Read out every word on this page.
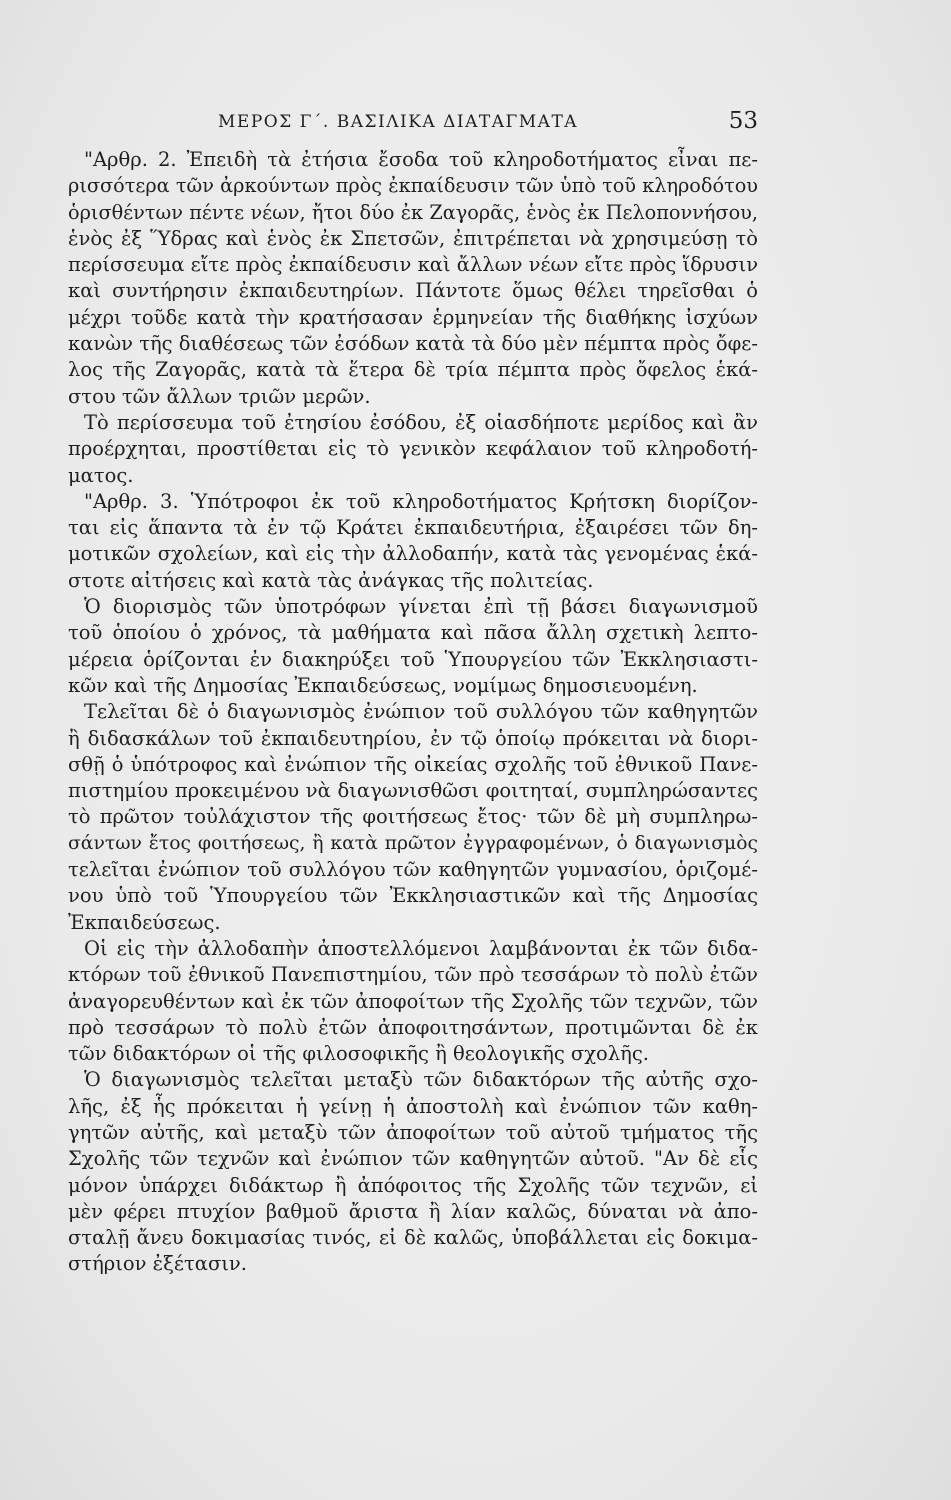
ΜΕΡΟΣ Γ΄. ΒΑΣΙΛΙΚΑ ΔΙΑΤΑΓΜΑΤΑ	53
"Αρθρ. 2. Ἐπειδὴ τὰ ἐτήσια ἔσοδα τοῦ κληροδοτήματος εἶναι πε-
ρισσότερα τῶν ἀρκούντων πρὸς ἐκπαίδευσιν τῶν ὑπὸ τοῦ κληροδότου
ὁρισθέντων πέντε νέων, ἤτοι δύο ἐκ Ζαγορᾶς, ἑνὸς ἐκ Πελοποννήσου,
ἑνὸς ἐξ Ὕδρας καὶ ἑνὸς ἐκ Σπετσῶν, ἐπιτρέπεται νὰ χρησιμεύσῃ τὸ
περίσσευμα εἴτε πρὸς ἐκπαίδευσιν καὶ ἄλλων νέων εἴτε πρὸς ἵδρυσιν
καὶ συντήρησιν ἐκπαιδευτηρίων. Πάντοτε ὅμως θέλει τηρεῖσθαι ὁ
μέχρι τοῦδε κατὰ τὴν κρατήσασαν ἑρμηνείαν τῆς διαθήκης ἰσχύων
κανὼν τῆς διαθέσεως τῶν ἐσόδων κατὰ τὰ δύο μὲν πέμπτα πρὸς ὄφε-
λος τῆς Ζαγορᾶς, κατὰ τὰ ἕτερα δὲ τρία πέμπτα πρὸς ὄφελος ἑκά-
στου τῶν ἄλλων τριῶν μερῶν.
Τὸ περίσσευμα τοῦ ἐτησίου ἐσόδου, ἐξ οἱασδήποτε μερίδος καὶ ἂν
προέρχηται, προστίθεται εἰς τὸ γενικὸν κεφάλαιον τοῦ κληροδοτή-
ματος.
"Αρθρ. 3. Ὑπότροφοι ἐκ τοῦ κληροδοτήματος Κρήτσκη διορίζον-
ται εἰς ἅπαντα τὰ ἐν τῷ Κράτει ἐκπαιδευτήρια, ἐξαιρέσει τῶν δη-
μοτικῶν σχολείων, καὶ εἰς τὴν ἀλλοδαπήν, κατὰ τὰς γενομένας ἑκά-
στοτε αἰτήσεις καὶ κατὰ τὰς ἀνάγκας τῆς πολιτείας.
Ὁ διορισμὸς τῶν ὑποτρόφων γίνεται ἐπὶ τῇ βάσει διαγωνισμοῦ
τοῦ ὁποίου ὁ χρόνος, τὰ μαθήματα καὶ πᾶσα ἄλλη σχετικὴ λεπτο-
μέρεια ὁρίζονται ἐν διακηρύξει τοῦ Ὑπουργείου τῶν Ἐκκλησιαστι-
κῶν καὶ τῆς Δημοσίας Ἐκπαιδεύσεως, νομίμως δημοσιευομένη.
Τελεῖται δὲ ὁ διαγωνισμὸς ἐνώπιον τοῦ συλλόγου τῶν καθηγητῶν
ἢ διδασκάλων τοῦ ἐκπαιδευτηρίου, ἐν τῷ ὁποίῳ πρόκειται νὰ διορι-
σθῇ ὁ ὑπότροφος καὶ ἐνώπιον τῆς οἰκείας σχολῆς τοῦ ἐθνικοῦ Πανε-
πιστημίου προκειμένου νὰ διαγωνισθῶσι φοιτηταί, συμπληρώσαντες
τὸ πρῶτον τοὐλάχιστον τῆς φοιτήσεως ἔτος· τῶν δὲ μὴ συμπληρω-
σάντων ἔτος φοιτήσεως, ἢ κατὰ πρῶτον ἐγγραφομένων, ὁ διαγωνισμὸς
τελεῖται ἐνώπιον τοῦ συλλόγου τῶν καθηγητῶν γυμνασίου, ὁριζομέ-
νου ὑπὸ τοῦ Ὑπουργείου τῶν Ἐκκλησιαστικῶν καὶ τῆς Δημοσίας
Ἐκπαιδεύσεως.
Οἱ εἰς τὴν ἀλλοδαπὴν ἀποστελλόμενοι λαμβάνονται ἐκ τῶν διδα-
κτόρων τοῦ ἐθνικοῦ Πανεπιστημίου, τῶν πρὸ τεσσάρων τὸ πολὺ ἐτῶν
ἀναγορευθέντων καὶ ἐκ τῶν ἀποφοίτων τῆς Σχολῆς τῶν τεχνῶν, τῶν
πρὸ τεσσάρων τὸ πολὺ ἐτῶν ἀποφοιτησάντων, προτιμῶνται δὲ ἐκ
τῶν διδακτόρων οἱ τῆς φιλοσοφικῆς ἢ θεολογικῆς σχολῆς.
Ὁ διαγωνισμὸς τελεῖται μεταξὺ τῶν διδακτόρων τῆς αὐτῆς σχο-
λῆς, ἐξ ἧς πρόκειται ἡ γείνῃ ἡ ἀποστολὴ καὶ ἐνώπιον τῶν καθη-
γητῶν αὐτῆς, καὶ μεταξὺ τῶν ἀποφοίτων τοῦ αὐτοῦ τμήματος τῆς
Σχολῆς τῶν τεχνῶν καὶ ἐνώπιον τῶν καθηγητῶν αὐτοῦ. "Αν δὲ εἷς
μόνον ὑπάρχει διδάκτωρ ἢ ἀπόφοιτος τῆς Σχολῆς τῶν τεχνῶν, εἰ
μὲν φέρει πτυχίον βαθμοῦ ἄριστα ἢ λίαν καλῶς, δύναται νὰ ἀπο-
σταλῇ ἄνευ δοκιμασίας τινός, εἰ δὲ καλῶς, ὑποβάλλεται εἰς δοκιμα-
στήριον ἐξέτασιν.
